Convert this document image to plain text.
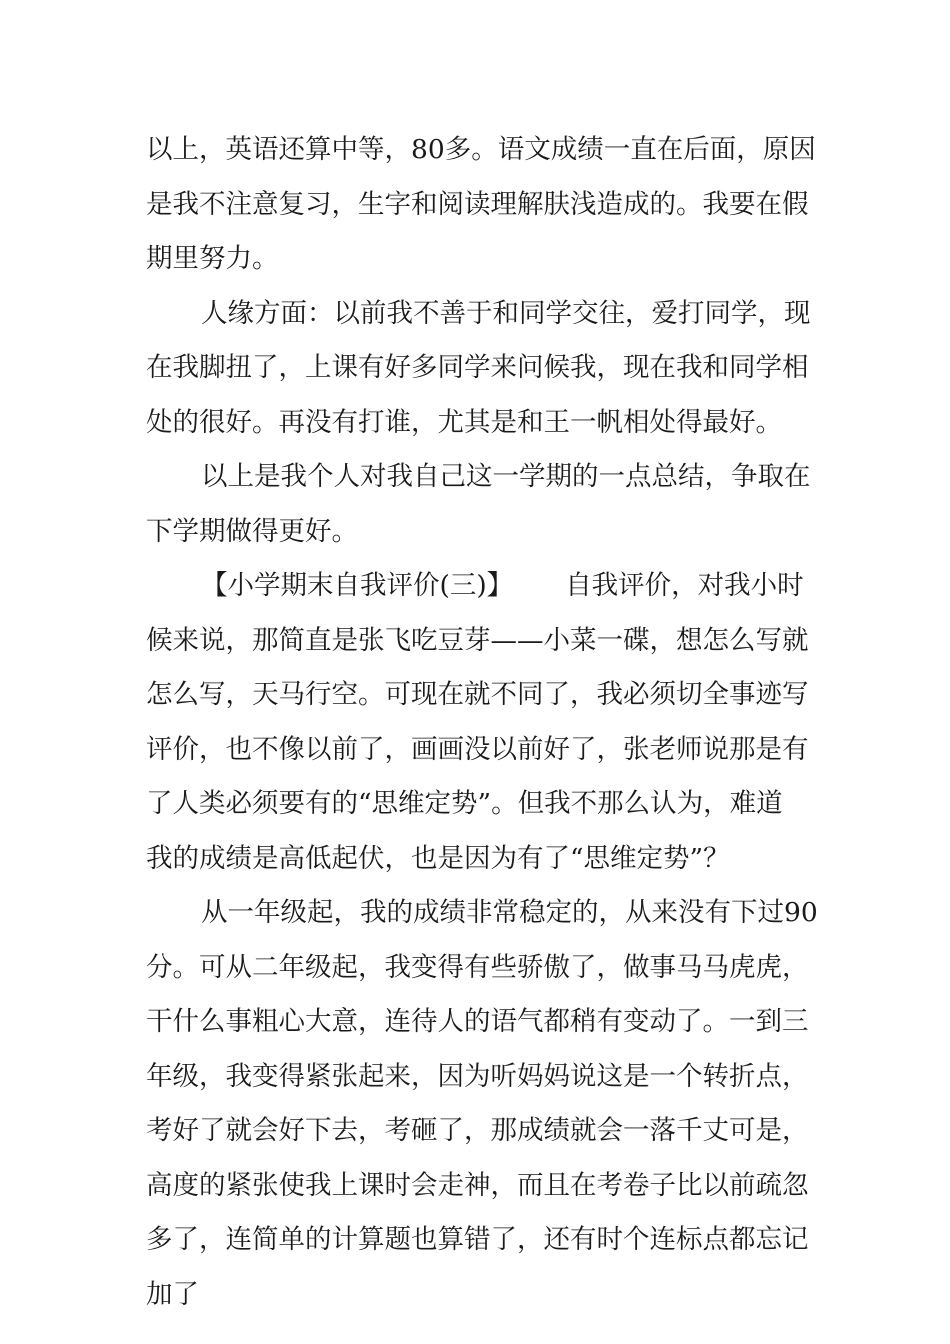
以上，英语还算中等，80多。语文成绩一直在后面，原因
是我不注意复习，生字和阅读理解肤浅造成的。我要在假
期里努力。
人缘方面：以前我不善于和同学交往，爱打同学，现
在我脚扭了，上课有好多同学来问候我，现在我和同学相
处的很好。再没有打谁，尤其是和王一帆相处得最好。
以上是我个人对我自己这一学期的一点总结，争取在
下学期做得更好。
【小学期末自我评价(三)】 自我评价，对我小时
候来说，那简直是张飞吃豆芽——小菜一碟，想怎么写就
怎么写，天马行空。可现在就不同了，我必须切全事迹写
评价，也不像以前了，画画没以前好了，张老师说那是有
了人类必须要有的“思维定势”。但我不那么认为，难道
我的成绩是高低起伏，也是因为有了“思维定势”？
从一年级起，我的成绩非常稳定的，从来没有下过90
分。可从二年级起，我变得有些骄傲了，做事马马虎虎，
干什么事粗心大意，连待人的语气都稍有变动了。一到三
年级，我变得紧张起来，因为听妈妈说这是一个转折点，
考好了就会好下去，考砸了，那成绩就会一落千丈可是，
高度的紧张使我上课时会走神，而且在考卷子比以前疏忽
多了，连简单的计算题也算错了，还有时个连标点都忘记
加了
